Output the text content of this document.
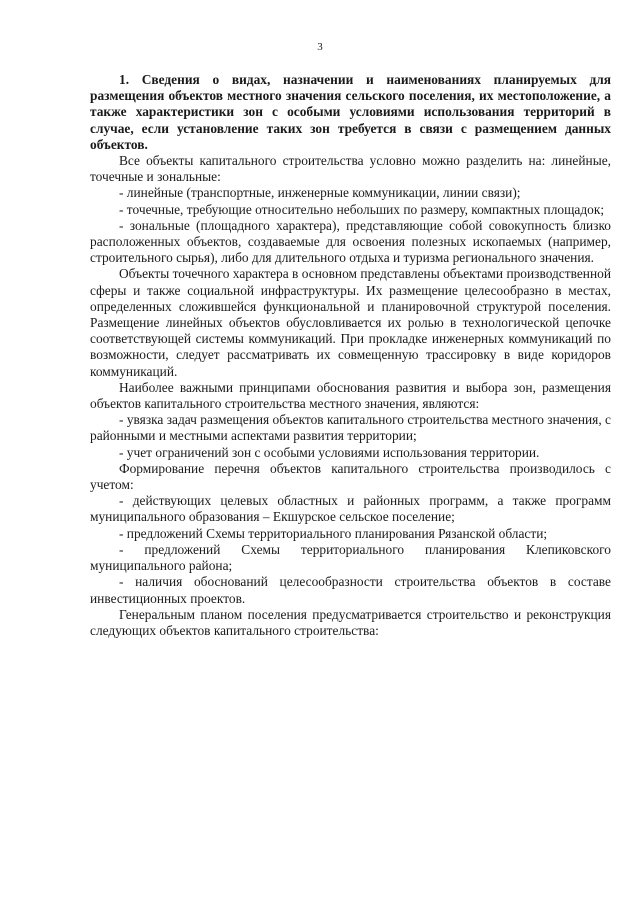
3

1. Сведения о видах, назначении и наименованиях планируемых для размещения объектов местного значения сельского поселения, их местоположение, а также характеристики зон с особыми условиями использования территорий в случае, если установление таких зон требуется в связи с размещением данных объектов.

Все объекты капитального строительства условно можно разделить на: линейные, точечные и зональные:

- линейные (транспортные, инженерные коммуникации, линии связи);

- точечные, требующие относительно небольших по размеру, компактных площадок;

- зональные (площадного характера), представляющие собой совокупность близко расположенных объектов, создаваемые для освоения полезных ископаемых (например, строительного сырья), либо для длительного отдыха и туризма регионального значения.

Объекты точечного характера в основном представлены объектами производственной сферы и также социальной инфраструктуры. Их размещение целесообразно в местах, определенных сложившейся функциональной и планировочной структурой поселения. Размещение линейных объектов обусловливается их ролью в технологической цепочке соответствующей системы коммуникаций. При прокладке инженерных коммуникаций по возможности, следует рассматривать их совмещенную трассировку в виде коридоров коммуникаций.

Наиболее важными принципами обоснования развития и выбора зон, размещения объектов капитального строительства местного значения, являются:

- увязка задач размещения объектов капитального строительства местного значения, с районными и местными аспектами развития территории;

- учет ограничений зон с особыми условиями использования территории.

Формирование перечня объектов капитального строительства производилось с учетом:

- действующих целевых областных и районных программ, а также программ муниципального образования – Екшурское сельское поселение;

- предложений Схемы территориального планирования Рязанской области;

- предложений Схемы территориального планирования Клепиковского муниципального района;

- наличия обоснований целесообразности строительства объектов в составе инвестиционных проектов.

Генеральным планом поселения предусматривается строительство и реконструкция следующих объектов капитального строительства:
